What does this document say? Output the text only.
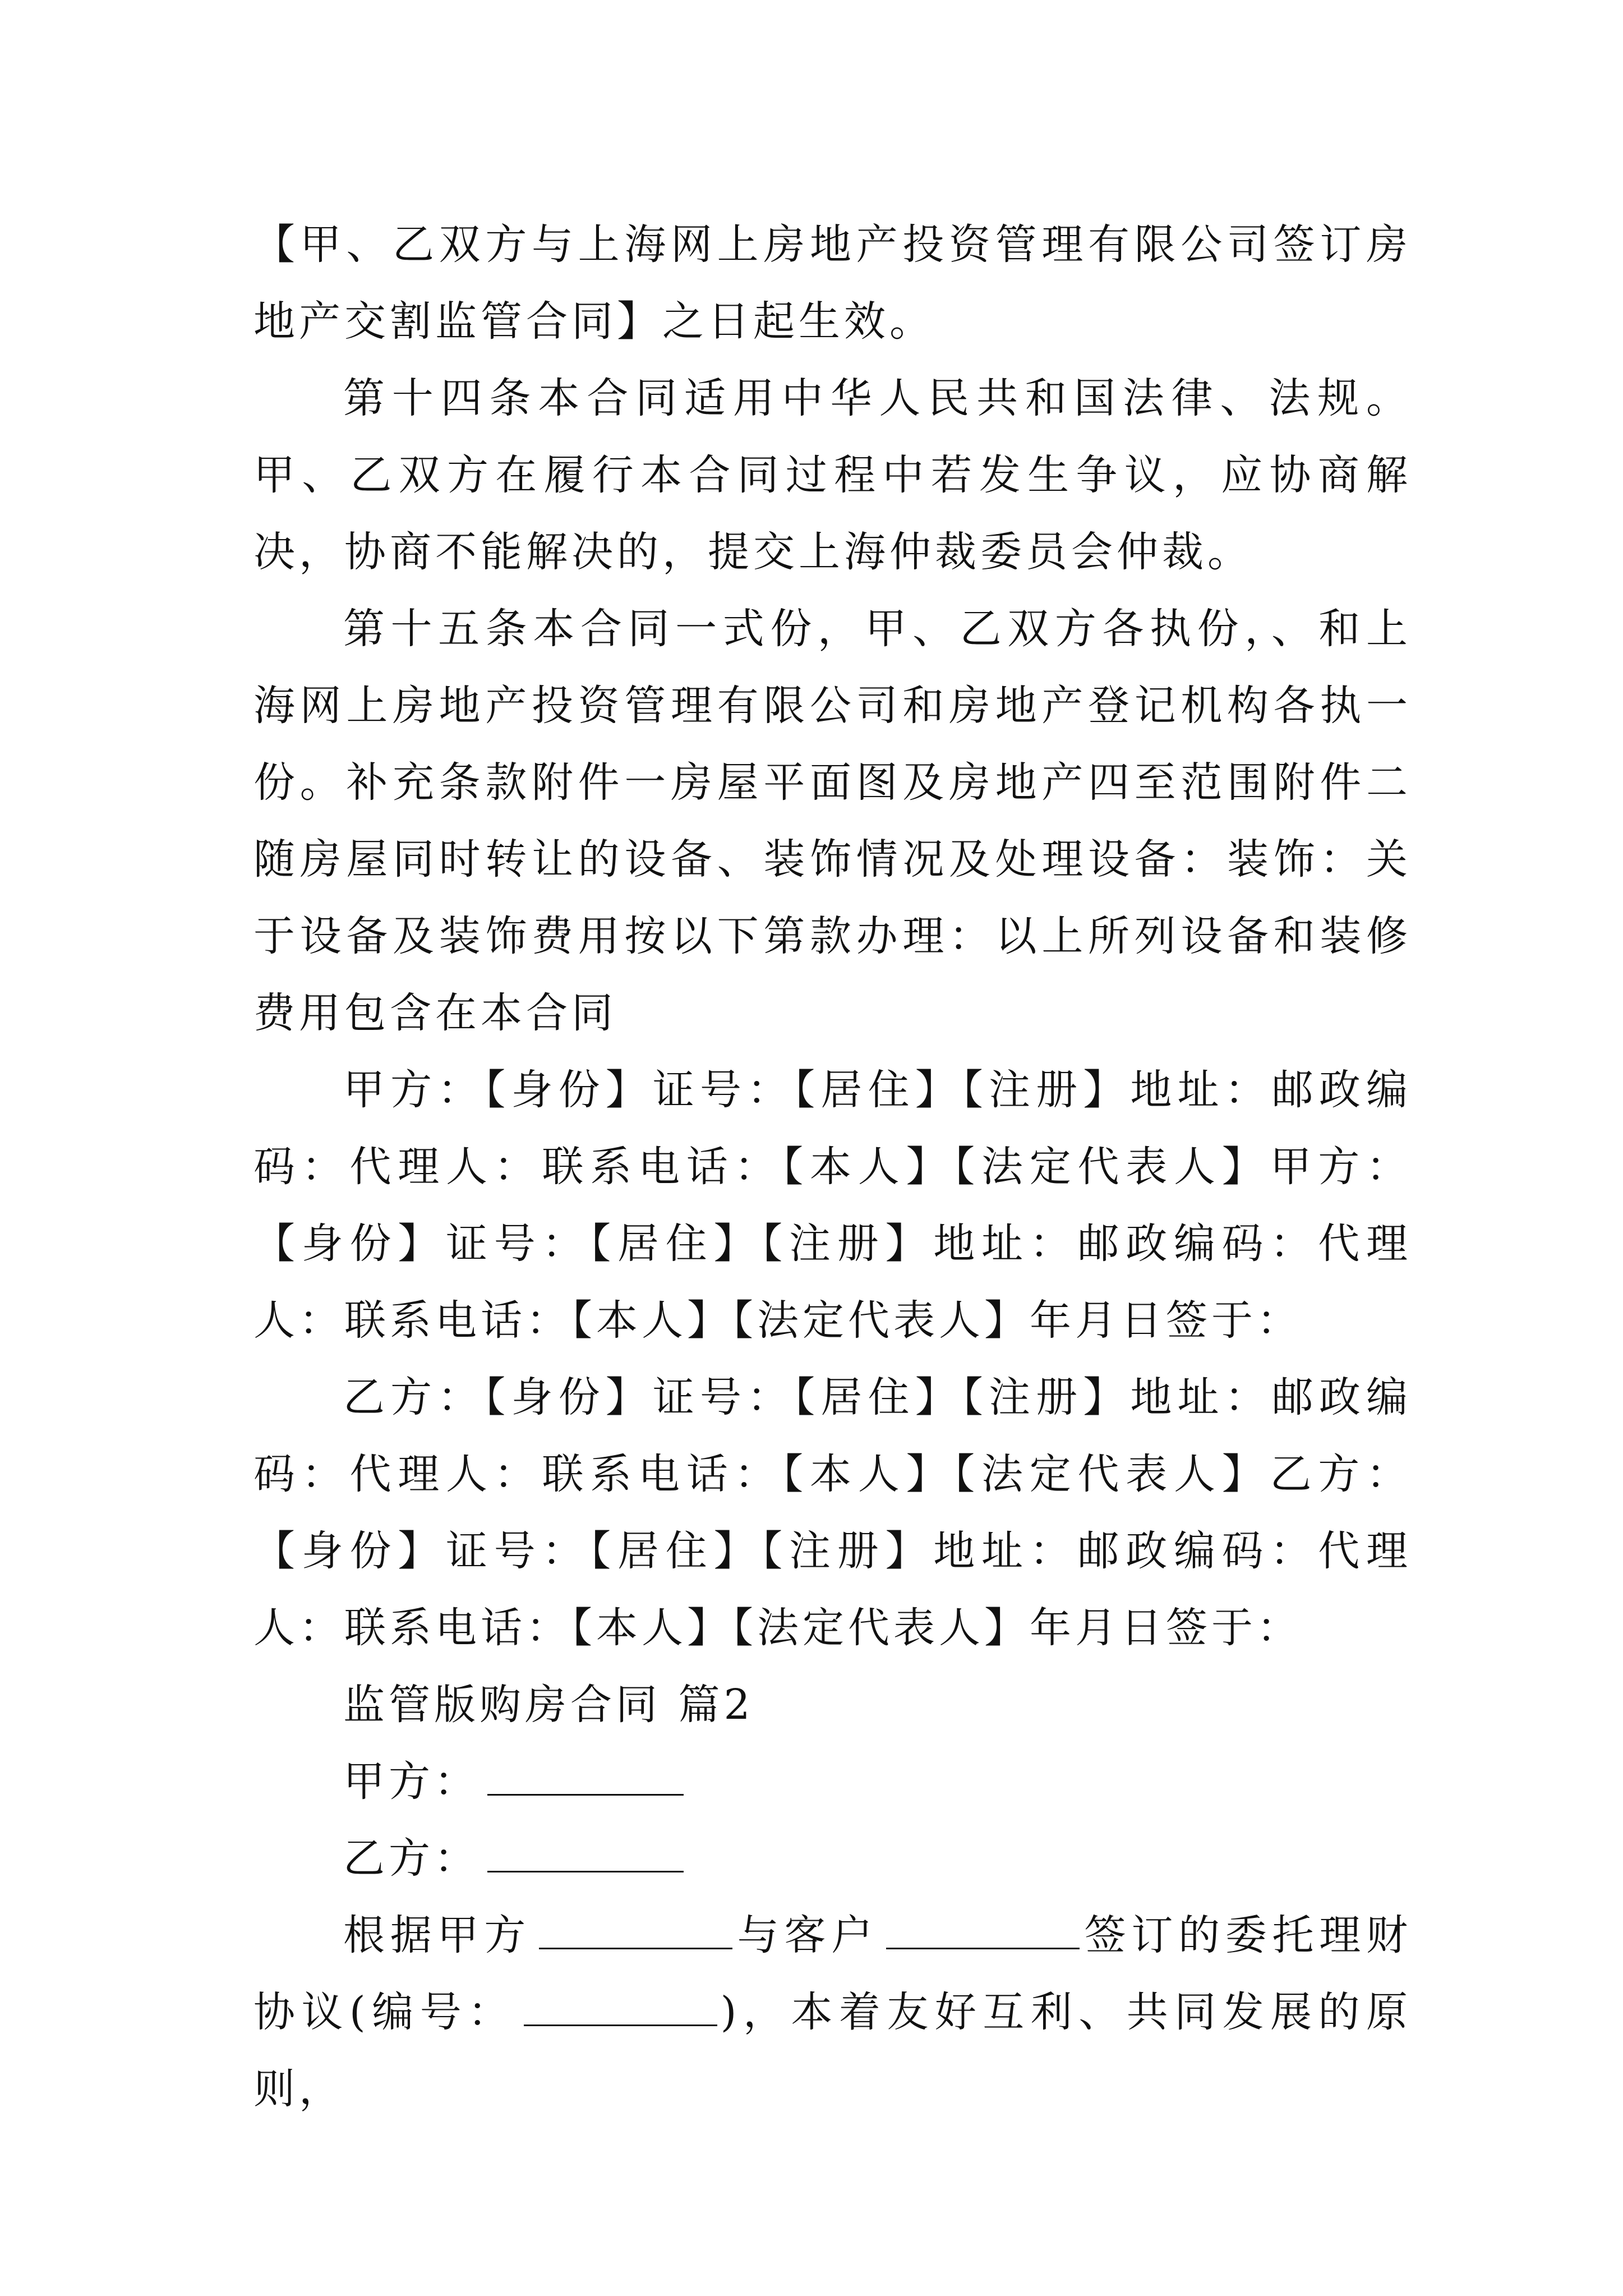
【甲、乙双方与上海网上房地产投资管理有限公司签订房地产交割监管合同】之日起生效。

第十四条本合同适用中华人民共和国法律、法规。甲、乙双方在履行本合同过程中若发生争议，应协商解决，协商不能解决的，提交上海仲裁委员会仲裁。

第十五条本合同一式份，甲、乙双方各执份，、和上海网上房地产投资管理有限公司和房地产登记机构各执一份。补充条款附件一房屋平面图及房地产四至范围附件二随房屋同时转让的设备、装饰情况及处理设备：装饰：关于设备及装饰费用按以下第款办理：以上所列设备和装修费用包含在本合同

甲方：【身份】证号：【居住】【注册】地址：邮政编码：代理人：联系电话：【本人】【法定代表人】甲方：【身份】证号：【居住】【注册】地址：邮政编码：代理人：联系电话：【本人】【法定代表人】年月日签于：

乙方：【身份】证号：【居住】【注册】地址：邮政编码：代理人：联系电话：【本人】【法定代表人】乙方：【身份】证号：【居住】【注册】地址：邮政编码：代理人：联系电话：【本人】【法定代表人】年月日签于：

监管版购房合同 篇2

甲方：

乙方：

根据甲方	与客户	签订的委托理财协议(编号：	)，本着友好互利、共同发展的原则，
